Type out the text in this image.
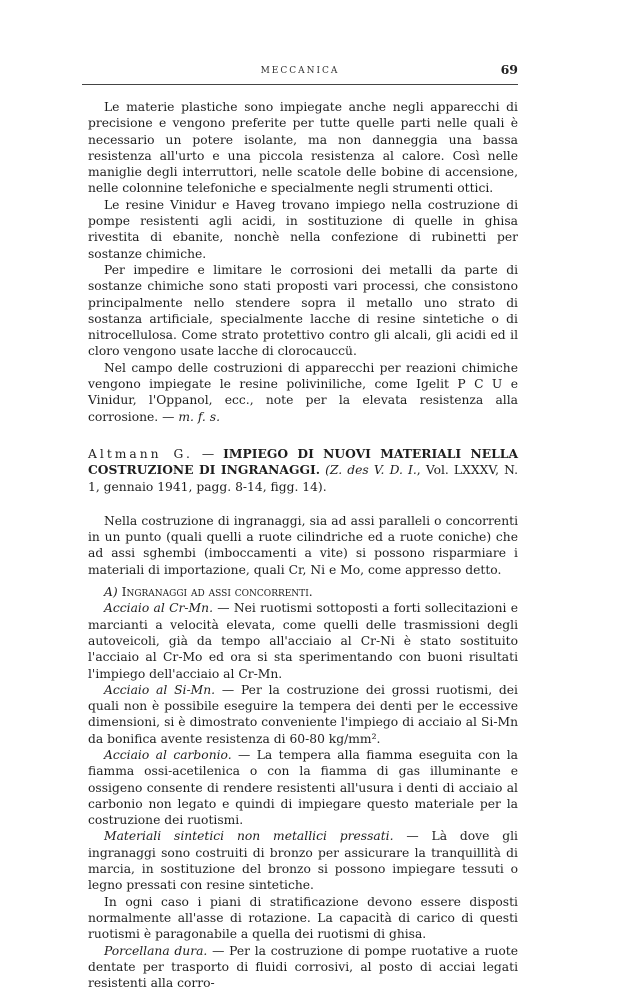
MECCANICA	69

Le materie plastiche sono impiegate anche negli apparecchi di precisione e vengono preferite per tutte quelle parti nelle quali è necessario un potere isolante, ma non danneggia una bassa resistenza all'urto e una piccola resistenza al calore. Così nelle maniglie degli interruttori, nelle scatole delle bobine di accensione, nelle colonnine telefoniche e specialmente negli strumenti ottici.

Le resine Vinidur e Haveg trovano impiego nella costruzione di pompe resistenti agli acidi, in sostituzione di quelle in ghisa rivestita di ebanite, nonchè nella confezione di rubinetti per sostanze chimiche.

Per impedire e limitare le corrosioni dei metalli da parte di sostanze chimiche sono stati proposti vari processi, che consistono principalmente nello stendere sopra il metallo uno strato di sostanza artificiale, specialmente lacche di resine sintetiche o di nitrocellulosa. Come strato protettivo contro gli alcali, gli acidi ed il cloro vengono usate lacche di clorocauccü.

Nel campo delle costruzioni di apparecchi per reazioni chimiche vengono impiegate le resine poliviniliche, come Igelit P C U e Vinidur, l'Oppanol, ecc., note per la elevata resistenza alla corrosione. — m. f. s.

Altmann G. — IMPIEGO DI NUOVI MATERIALI NELLA COSTRUZIONE DI INGRANAGGI. (Z. des V. D. I., Vol. LXXXV, N. 1, gennaio 1941, pagg. 8-14, figg. 14).

Nella costruzione di ingranaggi, sia ad assi paralleli o concorrenti in un punto (quali quelli a ruote cilindriche ed a ruote coniche) che ad assi sghembi (imboccamenti a vite) si possono risparmiare i materiali di importazione, quali Cr, Ni e Mo, come appresso detto.

A) Ingranaggi ad assi concorrenti.

Acciaio al Cr-Mn. — Nei ruotismi sottoposti a forti sollecitazioni e marcianti a velocità elevata, come quelli delle trasmissioni degli autoveicoli, già da tempo all'acciaio al Cr-Ni è stato sostituito l'acciaio al Cr-Mo ed ora si sta sperimentando con buoni risultati l'impiego dell'acciaio al Cr-Mn.

Acciaio al Si-Mn. — Per la costruzione dei grossi ruotismi, dei quali non è possibile eseguire la tempera dei denti per le eccessive dimensioni, si è dimostrato conveniente l'impiego di acciaio al Si-Mn da bonifica avente resistenza di 60-80 kg/mm².

Acciaio al carbonio. — La tempera alla fiamma eseguita con la fiamma ossi-acetilenica o con la fiamma di gas illuminante e ossigeno consente di rendere resistenti all'usura i denti di acciaio al carbonio non legato e quindi di impiegare questo materiale per la costruzione dei ruotismi.

Materiali sintetici non metallici pressati. — Là dove gli ingranaggi sono costruiti di bronzo per assicurare la tranquillità di marcia, in sostituzione del bronzo si possono impiegare tessuti o legno pressati con resine sintetiche.

In ogni caso i piani di stratificazione devono essere disposti normalmente all'asse di rotazione. La capacità di carico di questi ruotismi è paragonabile a quella dei ruotismi di ghisa.

Porcellana dura. — Per la costruzione di pompe ruotative a ruote dentate per trasporto di fluidi corrosivi, al posto di acciai legati resistenti alla corro-
